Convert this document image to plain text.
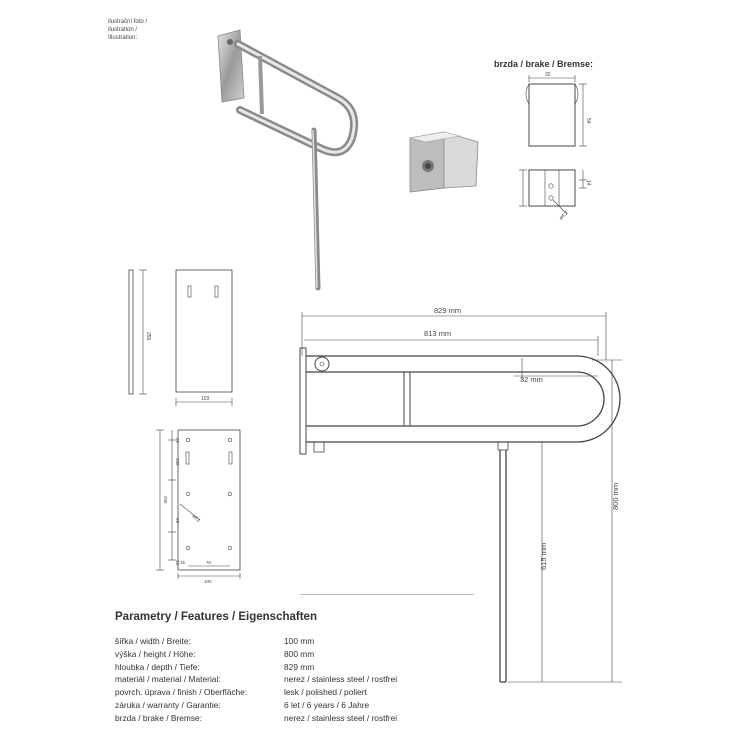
ilustrační foto /
ilustration /
Illustration:
brzda / brake / Bremse:
32
54
14
ø4,2
255
103
32
108
255
69
16
ø6,5
15	70
100
829 mm
813 mm
32 mm
800 mm
615 mm
Parametry / Features / Eigenschaften
šířka / width / Breite:	100 mm
výška / height / Höhe:	800 mm
hloubka / depth / Tiefe:	829 mm
materiál / material / Material:	nerez / stainless steel / rostfrei
povrch. úprava / finish / Oberfläche:	lesk / polished / poliert
záruka / warranty / Garantie:	6 let / 6 years / 6 Jahre
brzda / brake / Bremse:	nerez / stainless steel / rostfrei
